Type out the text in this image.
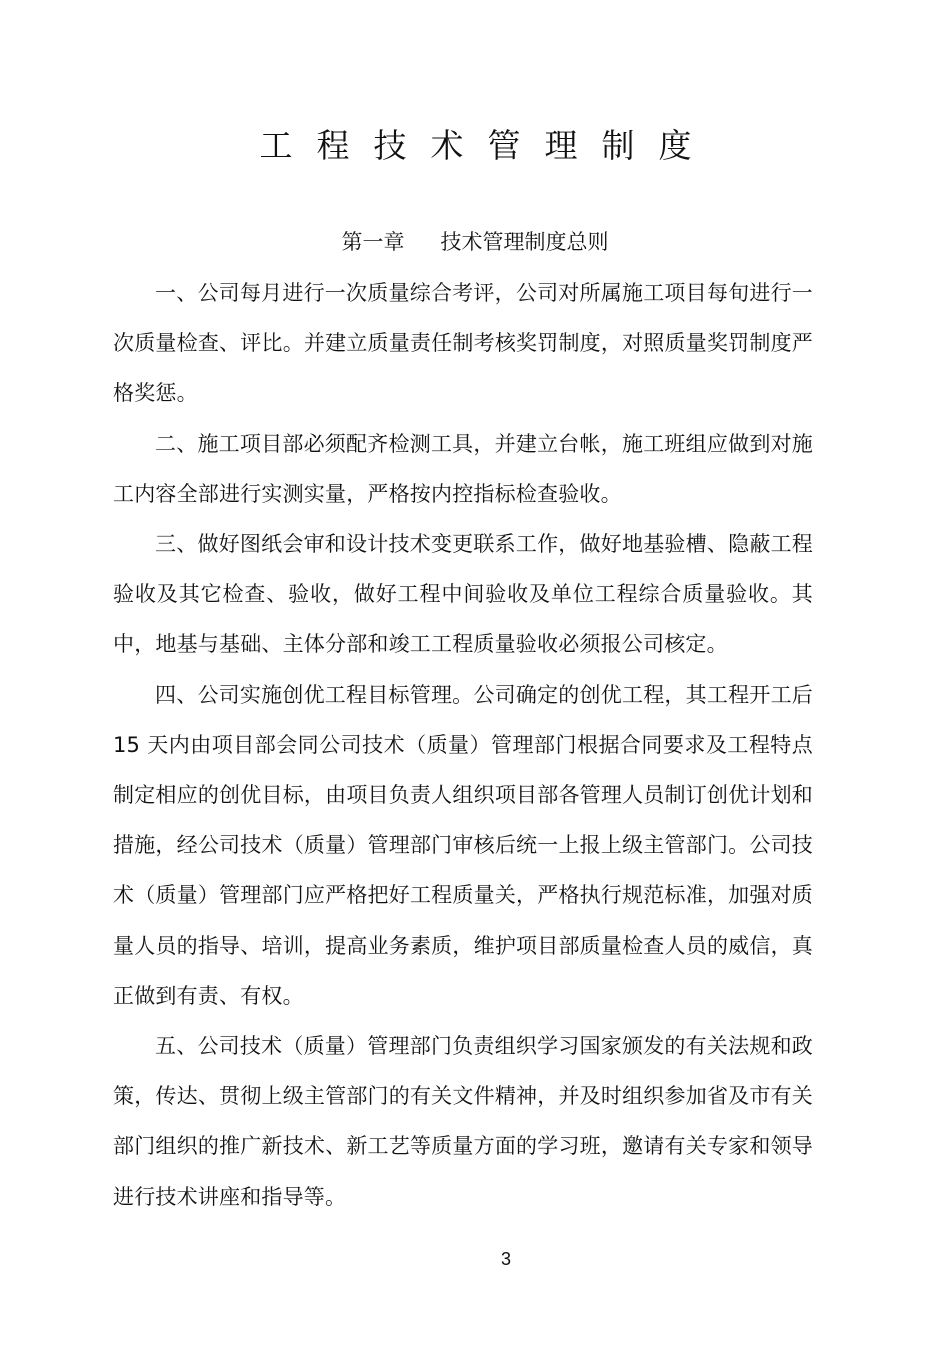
工程技术管理制度
第一章 技术管理制度总则

一、公司每月进行一次质量综合考评，公司对所属施工项目每旬进行一次质量检查、评比。并建立质量责任制考核奖罚制度，对照质量奖罚制度严格奖惩。

二、施工项目部必须配齐检测工具，并建立台帐，施工班组应做到对施工内容全部进行实测实量，严格按内控指标检查验收。

三、做好图纸会审和设计技术变更联系工作，做好地基验槽、隐蔽工程验收及其它检查、验收，做好工程中间验收及单位工程综合质量验收。其中，地基与基础、主体分部和竣工工程质量验收必须报公司核定。

四、公司实施创优工程目标管理。公司确定的创优工程，其工程开工后 15 天内由项目部会同公司技术（质量）管理部门根据合同要求及工程特点制定相应的创优目标，由项目负责人组织项目部各管理人员制订创优计划和措施，经公司技术（质量）管理部门审核后统一上报上级主管部门。公司技术（质量）管理部门应严格把好工程质量关，严格执行规范标准，加强对质量人员的指导、培训，提高业务素质，维护项目部质量检查人员的威信，真正做到有责、有权。

五、公司技术（质量）管理部门负责组织学习国家颁发的有关法规和政策，传达、贯彻上级主管部门的有关文件精神，并及时组织参加省及市有关部门组织的推广新技术、新工艺等质量方面的学习班，邀请有关专家和领导进行技术讲座和指导等。

3
